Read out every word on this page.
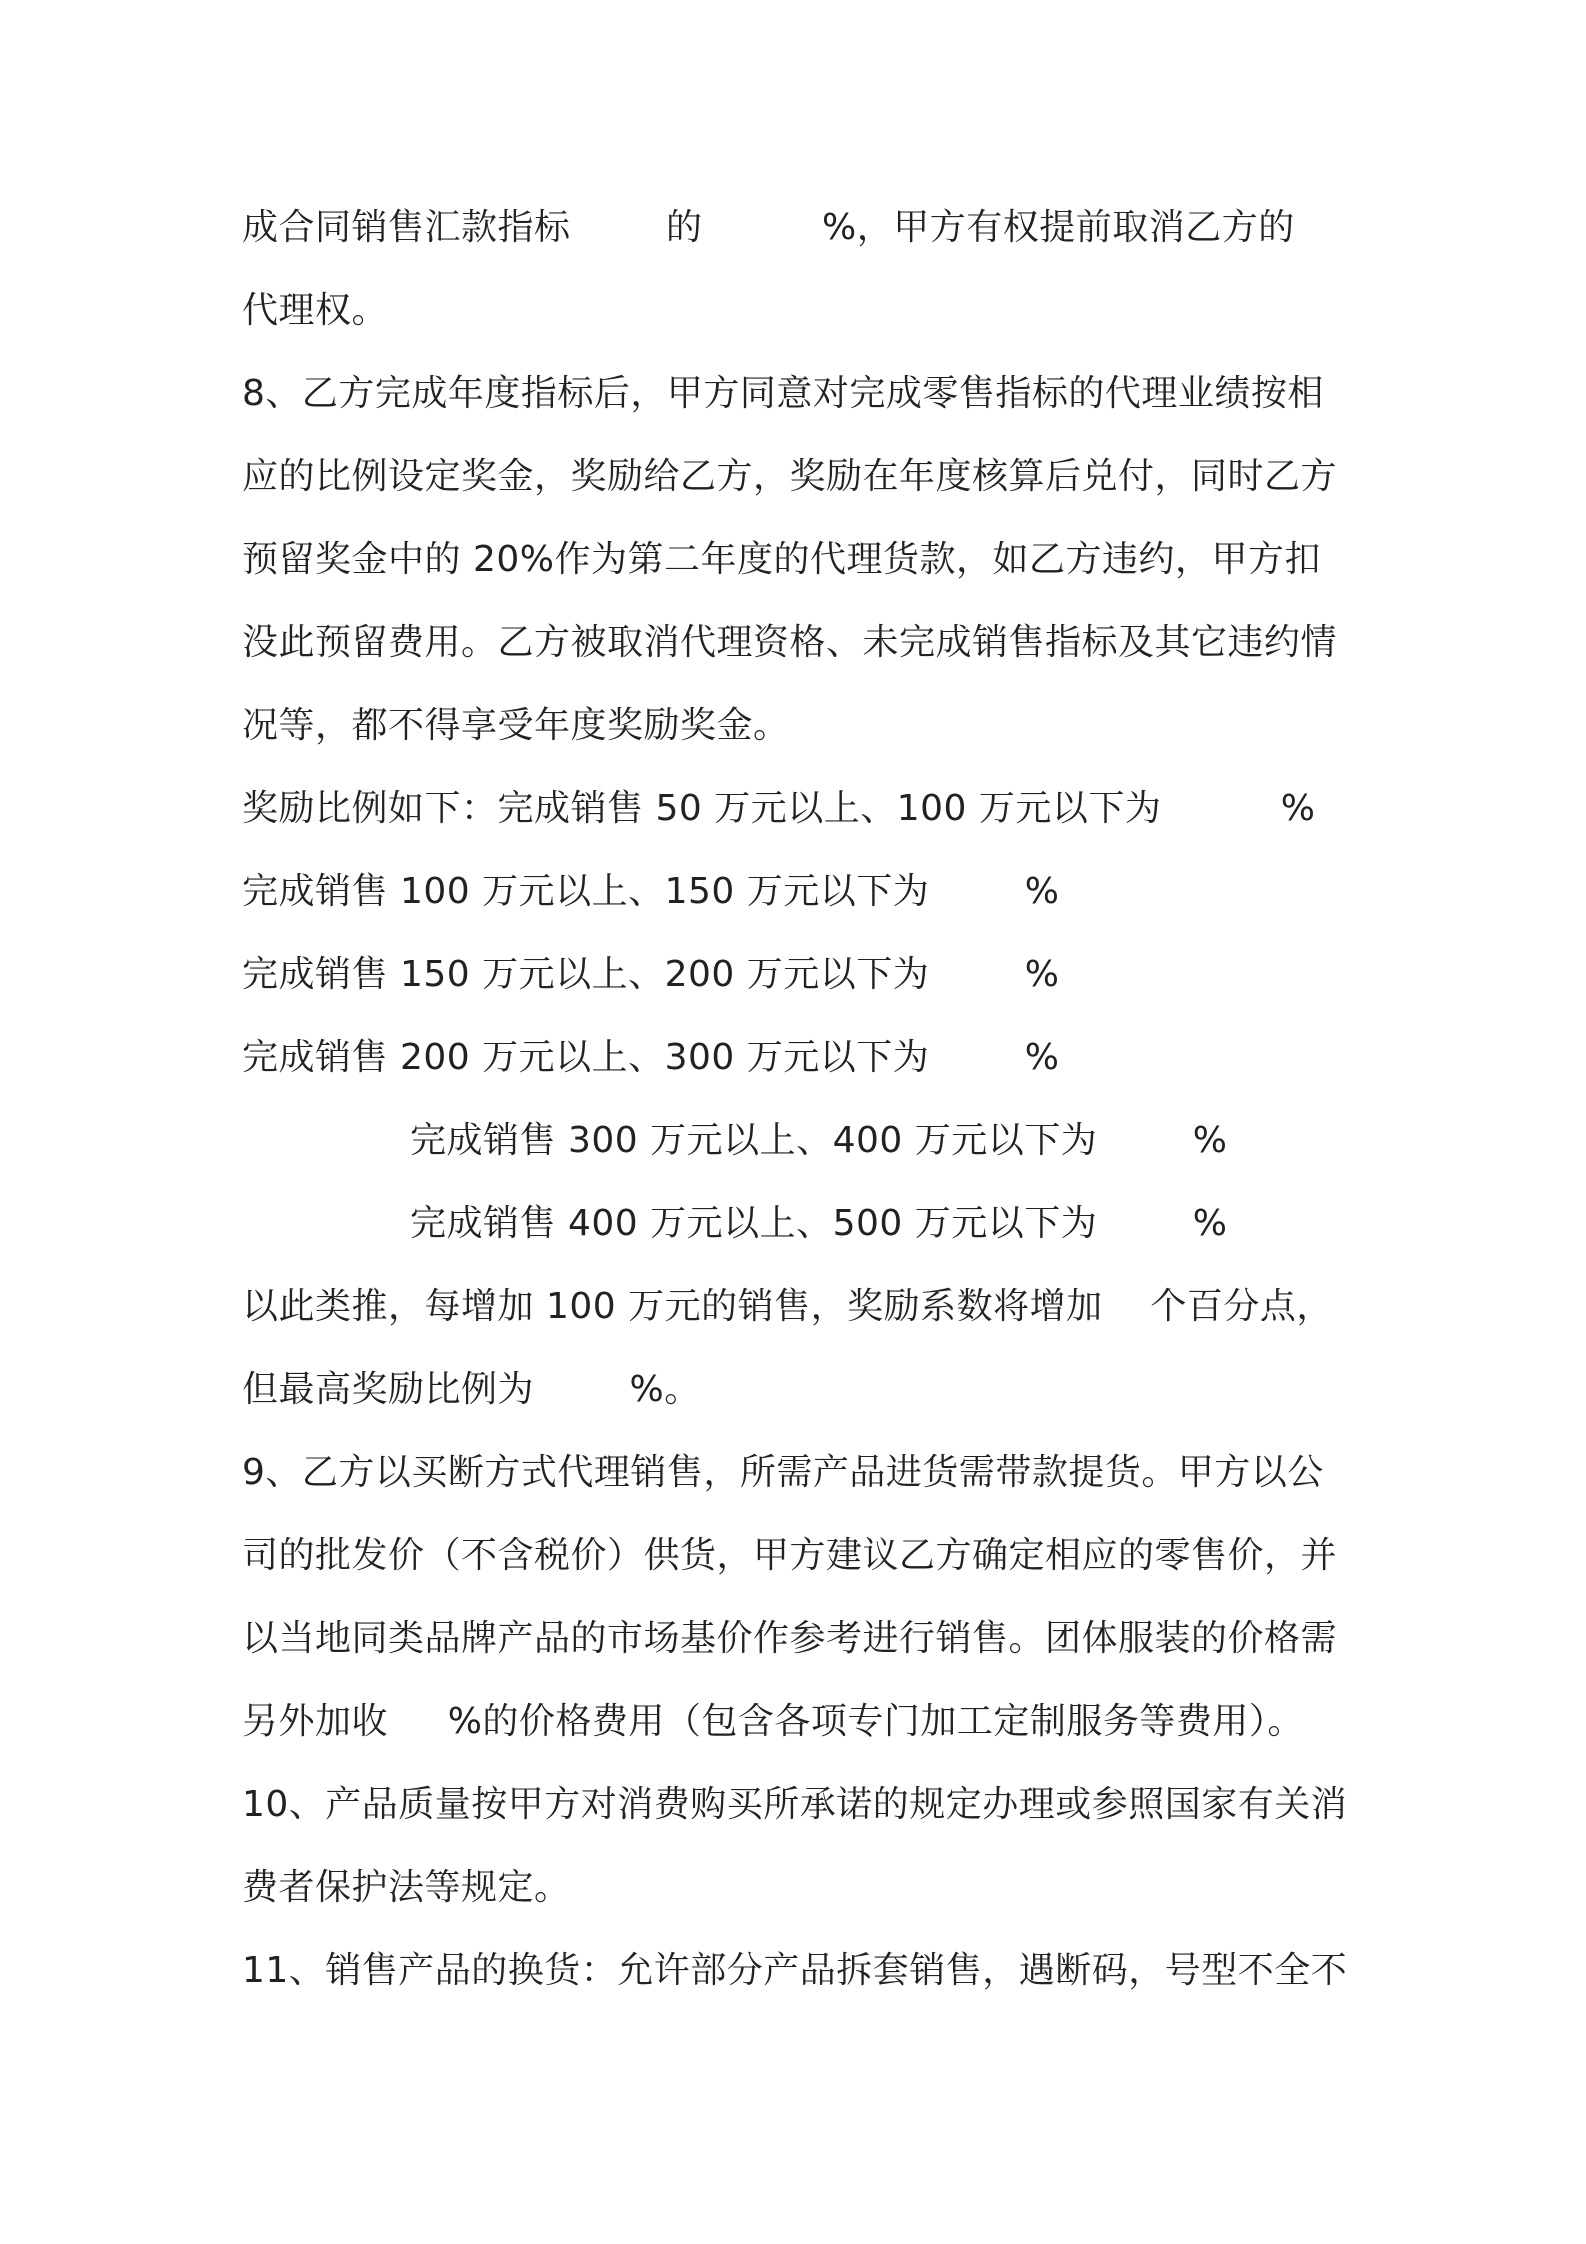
成合同销售汇款指标        的          %，甲方有权提前取消乙方的
代理权。
8、乙方完成年度指标后，甲方同意对完成零售指标的代理业绩按相
应的比例设定奖金，奖励给乙方，奖励在年度核算后兑付，同时乙方
预留奖金中的 20%作为第二年度的代理货款，如乙方违约，甲方扣
没此预留费用。乙方被取消代理资格、未完成销售指标及其它违约情
况等，都不得享受年度奖励奖金。
奖励比例如下：完成销售 50 万元以上、100 万元以下为          %
完成销售 100 万元以上、150 万元以下为        %
完成销售 150 万元以上、200 万元以下为        %
完成销售 200 万元以上、300 万元以下为        %
完成销售 300 万元以上、400 万元以下为        %
完成销售 400 万元以上、500 万元以下为        %
以此类推，每增加 100 万元的销售，奖励系数将增加    个百分点，
但最高奖励比例为        %。
9、乙方以买断方式代理销售，所需产品进货需带款提货。甲方以公
司的批发价（不含税价）供货，甲方建议乙方确定相应的零售价，并
以当地同类品牌产品的市场基价作参考进行销售。团体服装的价格需
另外加收     %的价格费用（包含各项专门加工定制服务等费用）。
10、产品质量按甲方对消费购买所承诺的规定办理或参照国家有关消
费者保护法等规定。
11、销售产品的换货：允许部分产品拆套销售，遇断码，号型不全不
